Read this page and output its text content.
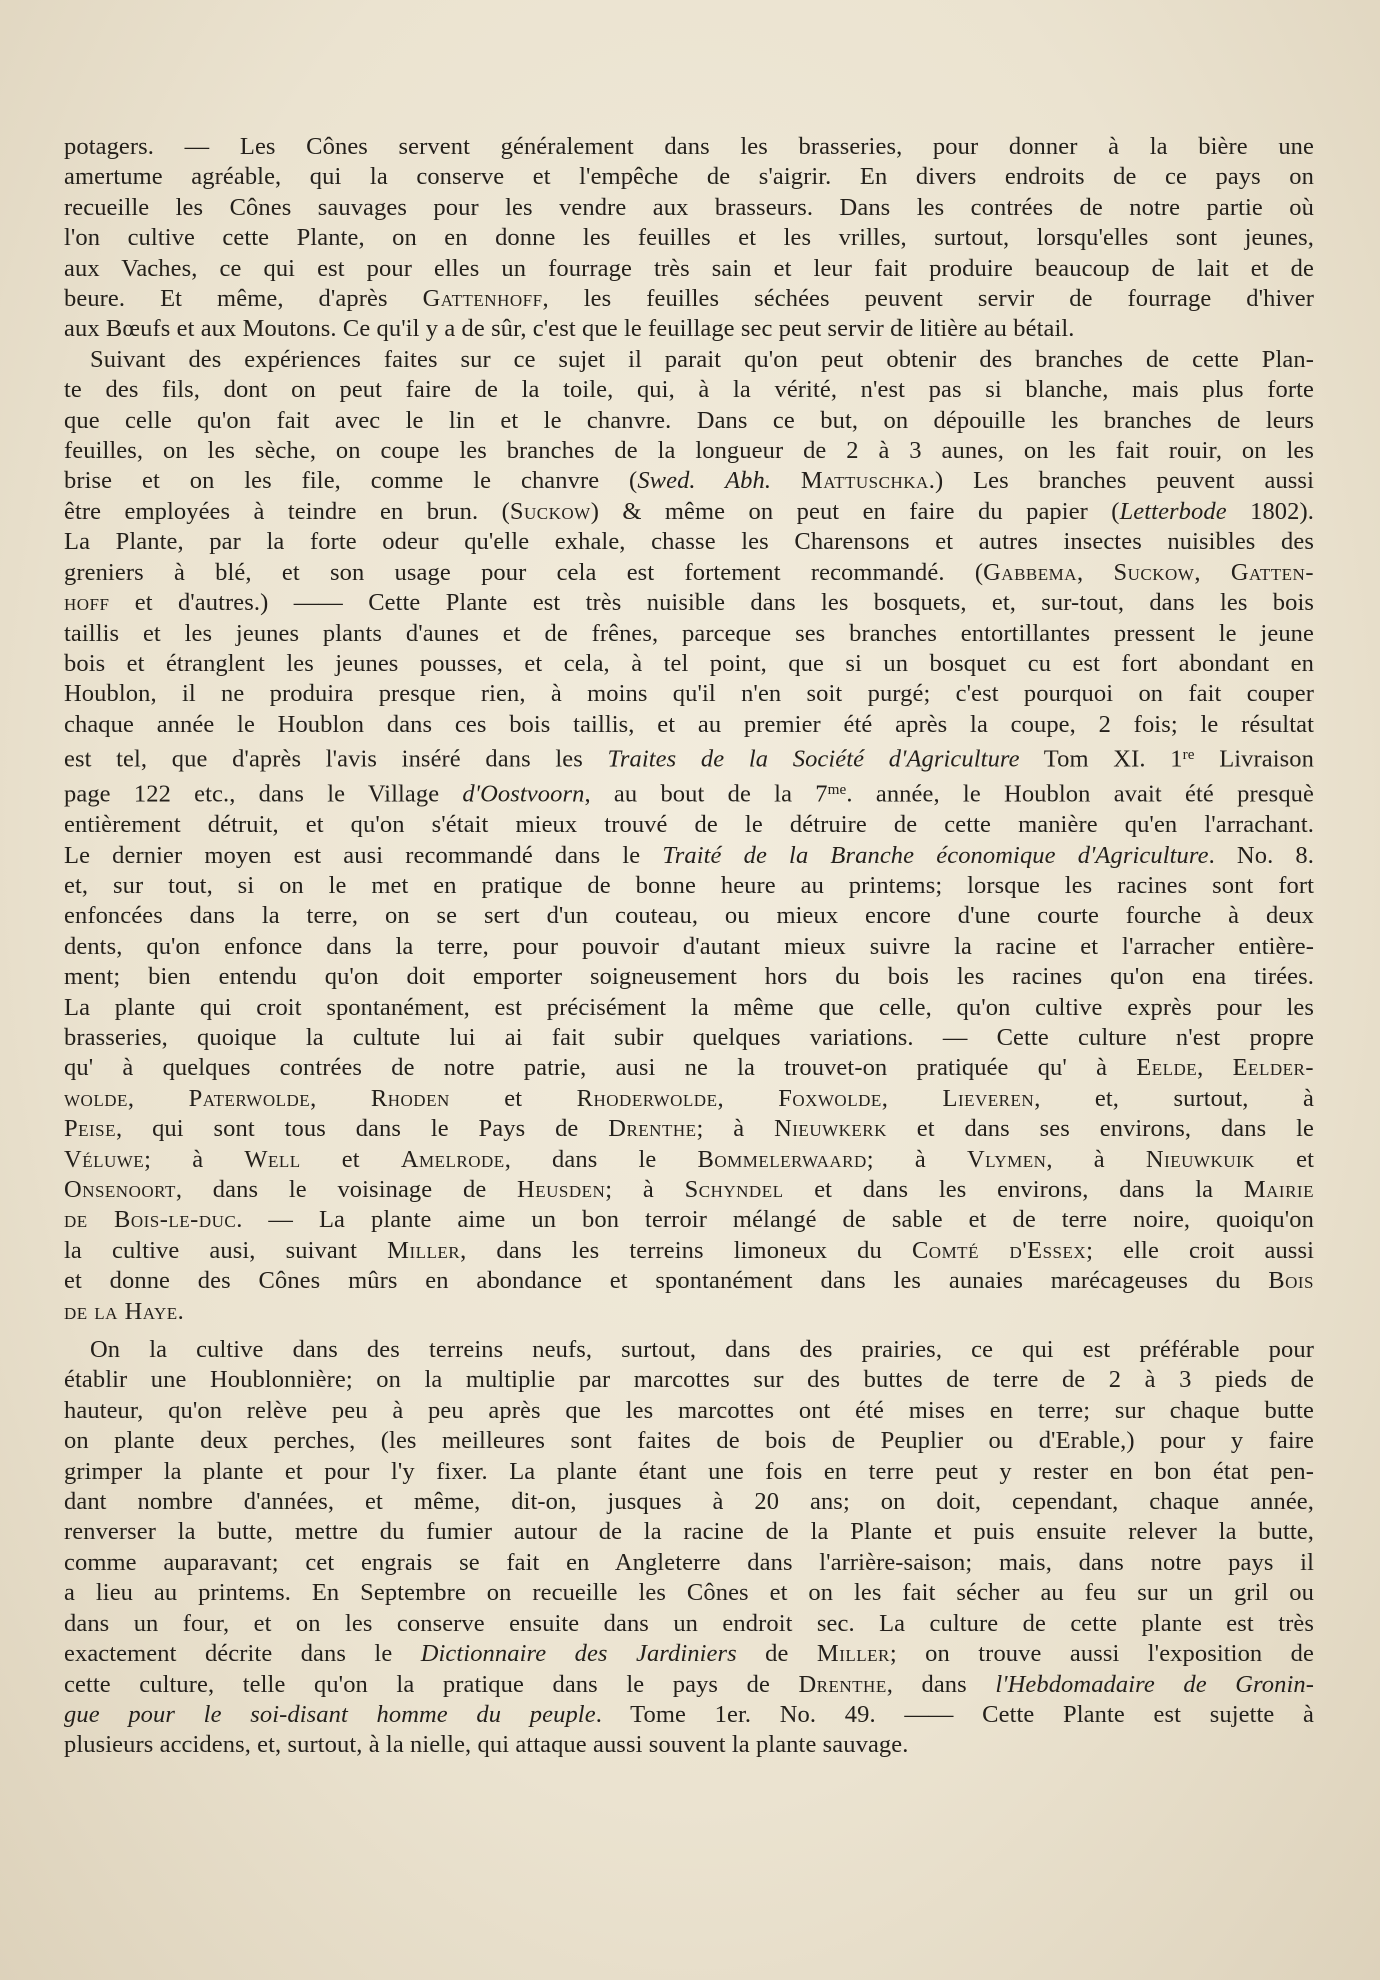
potagers. — Les Cônes servent généralement dans les brasseries, pour donner à la bière une
amertume agréable, qui la conserve et l'empêche de s'aigrir. En divers endroits de ce pays on
recueille les Cônes sauvages pour les vendre aux brasseurs. Dans les contrées de notre partie où
l'on cultive cette Plante, on en donne les feuilles et les vrilles, surtout, lorsqu'elles sont jeunes,
aux Vaches, ce qui est pour elles un fourrage très sain et leur fait produire beaucoup de lait et de
beure. Et même, d'après Gattenhoff, les feuilles séchées peuvent servir de fourrage d'hiver
aux Bœufs et aux Moutons. Ce qu'il y a de sûr, c'est que le feuillage sec peut servir de litière au bétail.
Suivant des expériences faites sur ce sujet il parait qu'on peut obtenir des branches de cette Plan-
te des fils, dont on peut faire de la toile, qui, à la vérité, n'est pas si blanche, mais plus forte
que celle qu'on fait avec le lin et le chanvre. Dans ce but, on dépouille les branches de leurs
feuilles, on les sèche, on coupe les branches de la longueur de 2 à 3 aunes, on les fait rouir, on les
brise et on les file, comme le chanvre (Swed. Abh. Mattuschka.) Les branches peuvent aussi
être employées à teindre en brun. (Suckow) & même on peut en faire du papier (Letterbode 1802).
La Plante, par la forte odeur qu'elle exhale, chasse les Charensons et autres insectes nuisibles des
greniers à blé, et son usage pour cela est fortement recommandé. (Gabbema, Suckow, Gatten-
hoff et d'autres.) —— Cette Plante est très nuisible dans les bosquets, et, sur-tout, dans les bois
taillis et les jeunes plants d'aunes et de frênes, parceque ses branches entortillantes pressent le jeune
bois et étranglent les jeunes pousses, et cela, à tel point, que si un bosquet cu est fort abondant en
Houblon, il ne produira presque rien, à moins qu'il n'en soit purgé; c'est pourquoi on fait couper
chaque année le Houblon dans ces bois taillis, et au premier été après la coupe, 2 fois; le résultat
est tel, que d'après l'avis inséré dans les Traites de la Société d'Agriculture Tom XI. 1re Livraison
page 122 etc., dans le Village d'Oostvoorn, au bout de la $7^{me}$. année, le Houblon avait été presquè
entièrement détruit, et qu'on s'était mieux trouvé de le détruire de cette manière qu'en l'arrachant.
Le dernier moyen est ausi recommandé dans le Traité de la Branche économique d'Agriculture. No. 8.
et, sur tout, si on le met en pratique de bonne heure au printems; lorsque les racines sont fort
enfoncées dans la terre, on se sert d'un couteau, ou mieux encore d'une courte fourche à deux
dents, qu'on enfonce dans la terre, pour pouvoir d'autant mieux suivre la racine et l'arracher entière-
ment; bien entendu qu'on doit emporter soigneusement hors du bois les racines qu'on ena tirées.
La plante qui croit spontanément, est précisément la même que celle, qu'on cultive exprès pour les
brasseries, quoique la cultute lui ai fait subir quelques variations. — Cette culture n'est propre
qu' à quelques contrées de notre patrie, ausi ne la trouvet-on pratiquée qu' à Eelde, Eelder-
wolde, Paterwolde, Rhoden et Rhoderwolde, Foxwolde, Lieveren, et, surtout, à
Peise, qui sont tous dans le Pays de Drenthe; à Nieuwkerk et dans ses environs, dans le
Véluwe; à Well et Amelrode, dans le Bommelerwaard; à Vlymen, à Nieuwkuik et
Onsenoort, dans le voisinage de Heusden; à Schyndel et dans les environs, dans la Mairie
de Bois-le-duc. — La plante aime un bon terroir mélangé de sable et de terre noire, quoiqu'on
la cultive ausi, suivant Miller, dans les terreins limoneux du Comté d'Essex; elle croit aussi
et donne des Cônes mûrs en abondance et spontanément dans les aunaies marécageuses du Bois
de la Haye.
On la cultive dans des terreins neufs, surtout, dans des prairies, ce qui est préférable pour
établir une Houblonnière; on la multiplie par marcottes sur des buttes de terre de 2 à 3 pieds de
hauteur, qu'on relève peu à peu après que les marcottes ont été mises en terre; sur chaque butte
on plante deux perches, (les meilleures sont faites de bois de Peuplier ou d'Erable,) pour y faire
grimper la plante et pour l'y fixer. La plante étant une fois en terre peut y rester en bon état pen-
dant nombre d'années, et même, dit-on, jusques à 20 ans; on doit, cependant, chaque année,
renverser la butte, mettre du fumier autour de la racine de la Plante et puis ensuite relever la butte,
comme auparavant; cet engrais se fait en Angleterre dans l'arrière-saison; mais, dans notre pays il
a lieu au printems. En Septembre on recueille les Cônes et on les fait sécher au feu sur un gril ou
dans un four, et on les conserve ensuite dans un endroit sec. La culture de cette plante est très
exactement décrite dans le Dictionnaire des Jardiniers de Miller; on trouve aussi l'exposition de
cette culture, telle qu'on la pratique dans le pays de Drenthe, dans l'Hebdomadaire de Gronin-
gue pour le soi-disant homme du peuple. Tome 1er. No. 49. —— Cette Plante est sujette à
plusieurs accidens, et, surtout, à la nielle, qui attaque aussi souvent la plante sauvage.
